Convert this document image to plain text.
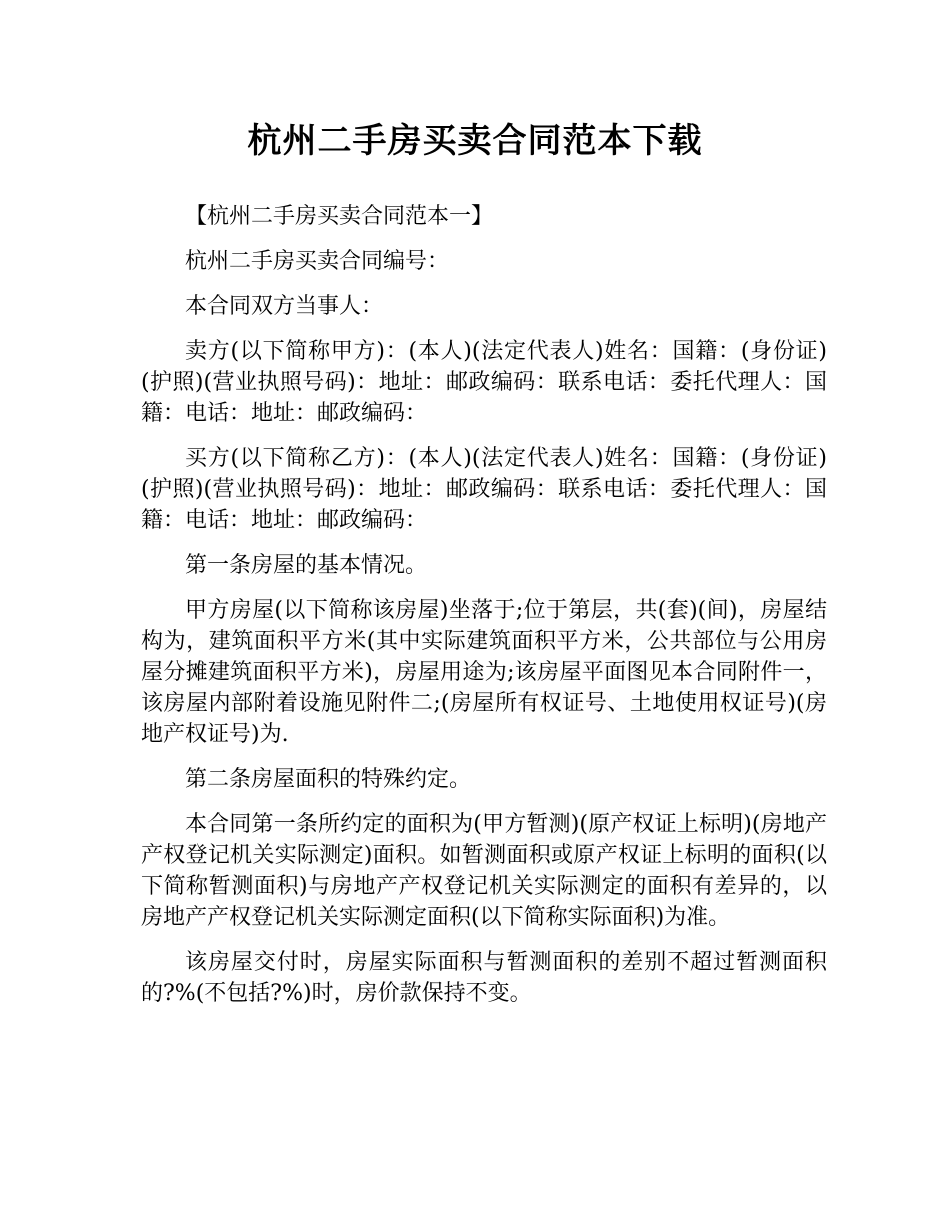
杭州二手房买卖合同范本下载

【杭州二手房买卖合同范本一】

杭州二手房买卖合同编号：

本合同双方当事人：

卖方(以下简称甲方)：(本人)(法定代表人)姓名：国籍：(身份证)(护照)(营业执照号码)：地址：邮政编码：联系电话：委托代理人：国籍：电话：地址：邮政编码：

买方(以下简称乙方)：(本人)(法定代表人)姓名：国籍：(身份证)(护照)(营业执照号码)：地址：邮政编码：联系电话：委托代理人：国籍：电话：地址：邮政编码：

第一条房屋的基本情况。

甲方房屋(以下简称该房屋)坐落于;位于第层，共(套)(间)，房屋结构为，建筑面积平方米(其中实际建筑面积平方米，公共部位与公用房屋分摊建筑面积平方米)，房屋用途为;该房屋平面图见本合同附件一，该房屋内部附着设施见附件二;(房屋所有权证号、土地使用权证号)(房地产权证号)为.

第二条房屋面积的特殊约定。

本合同第一条所约定的面积为(甲方暂测)(原产权证上标明)(房地产产权登记机关实际测定)面积。如暂测面积或原产权证上标明的面积(以下简称暂测面积)与房地产产权登记机关实际测定的面积有差异的，以房地产产权登记机关实际测定面积(以下简称实际面积)为准。

该房屋交付时，房屋实际面积与暂测面积的差别不超过暂测面积的?%(不包括?%)时，房价款保持不变。
